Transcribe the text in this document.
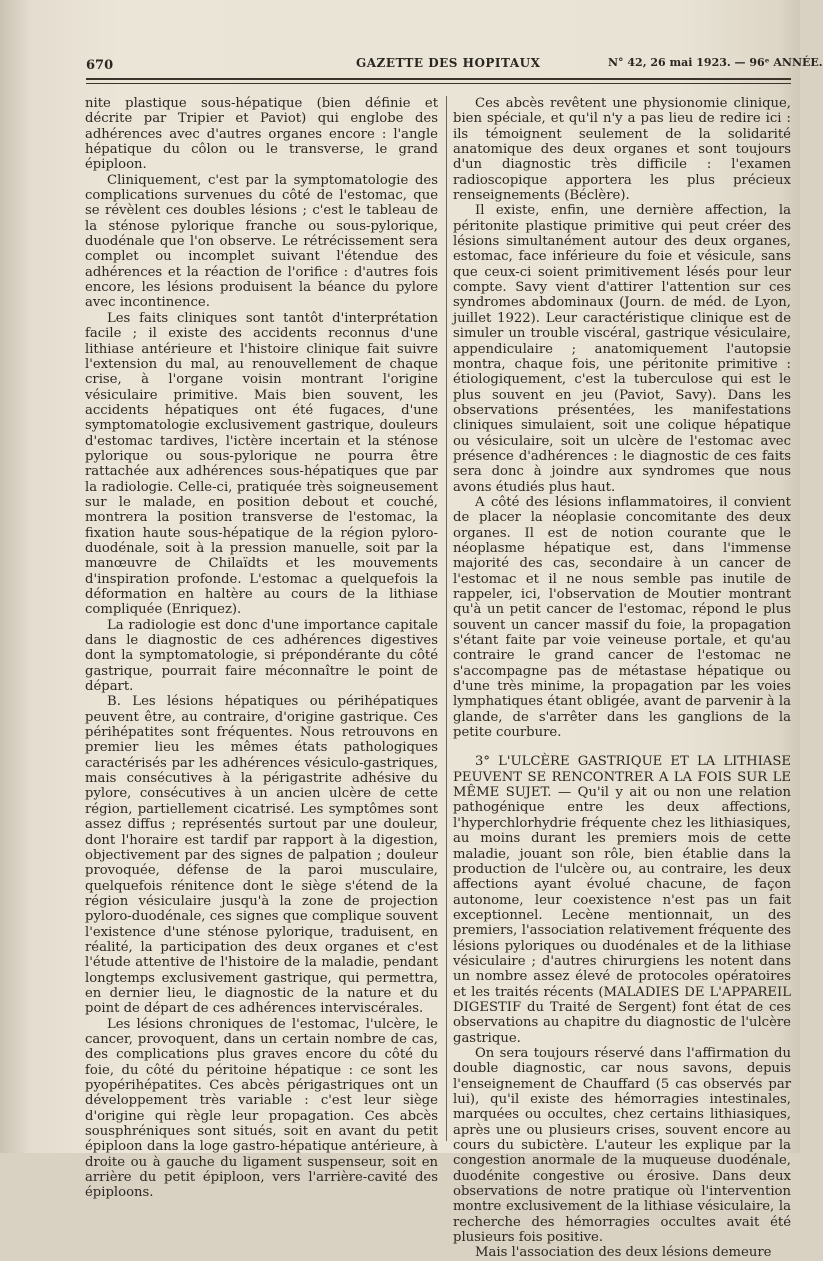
670	GAZETTE DES HOPITAUX	N° 42, 26 mai 1923. — 96ᵉ ANNÉE.

nite plastique sous-hépatique (bien définie et décrite par Tripier et Paviot) qui englobe des adhérences avec d'autres organes encore : l'angle hépatique du côlon ou le transverse, le grand épiploon.

Cliniquement, c'est par la symptomatologie des complications survenues du côté de l'estomac, que se révèlent ces doubles lésions ; c'est le tableau de la sténose pylorique franche ou sous-pylorique, duodénale que l'on observe. Le rétrécissement sera complet ou incomplet suivant l'étendue des adhérences et la réaction de l'orifice : d'autres fois encore, les lésions produisent la béance du pylore avec incontinence.

Les faits cliniques sont tantôt d'interprétation facile ; il existe des accidents reconnus d'une lithiase antérieure et l'histoire clinique fait suivre l'extension du mal, au renouvellement de chaque crise, à l'organe voisin montrant l'origine vésiculaire primitive. Mais bien souvent, les accidents hépatiques ont été fugaces, d'une symptomatologie exclusivement gastrique, douleurs d'estomac tardives, l'ictère incertain et la sténose pylorique ou sous-pylorique ne pourra être rattachée aux adhérences sous-hépatiques que par la radiologie. Celle-ci, pratiquée très soigneusement sur le malade, en position debout et couché, montrera la position transverse de l'estomac, la fixation haute sous-hépatique de la région pyloro-duodénale, soit à la pression manuelle, soit par la manœuvre de Chilaïdts et les mouvements d'inspiration profonde. L'estomac a quelquefois la déformation en haltère au cours de la lithiase compliquée (Enriquez).

La radiologie est donc d'une importance capitale dans le diagnostic de ces adhérences digestives dont la symptomatologie, si prépondérante du côté gastrique, pourrait faire méconnaître le point de départ.

B. Les lésions hépatiques ou périhépatiques peuvent être, au contraire, d'origine gastrique. Ces périhépatites sont fréquentes. Nous retrouvons en premier lieu les mêmes états pathologiques caractérisés par les adhérences vésiculo-gastriques, mais consécutives à la périgastrite adhésive du pylore, consécutives à un ancien ulcère de cette région, partiellement cicatrisé. Les symptômes sont assez diffus ; représentés surtout par une douleur, dont l'horaire est tardif par rapport à la digestion, objectivement par des signes de palpation ; douleur provoquée, défense de la paroi musculaire, quelquefois rénitence dont le siège s'étend de la région vésiculaire jusqu'à la zone de projection pyloro-duodénale, ces signes que complique souvent l'existence d'une sténose pylorique, traduisent, en réalité, la participation des deux organes et c'est l'étude attentive de l'histoire de la maladie, pendant longtemps exclusivement gastrique, qui permettra, en dernier lieu, le diagnostic de la nature et du point de départ de ces adhérences interviscérales.

Les lésions chroniques de l'estomac, l'ulcère, le cancer, provoquent, dans un certain nombre de cas, des complications plus graves encore du côté du foie, du côté du péritoine hépatique : ce sont les pyopérihépatites. Ces abcès périgastriques ont un développement très variable : c'est leur siège d'origine qui règle leur propagation. Ces abcès sousphréniques sont situés, soit en avant du petit épiploon dans la loge gastro-hépatique antérieure, à droite ou à gauche du ligament suspenseur, soit en arrière du petit épiploon, vers l'arrière-cavité des épiploons.

Ces abcès revêtent une physionomie clinique, bien spéciale, et qu'il n'y a pas lieu de redire ici : ils témoignent seulement de la solidarité anatomique des deux organes et sont toujours d'un diagnostic très difficile : l'examen radioscopique apportera les plus précieux renseignements (Béclère).

Il existe, enfin, une dernière affection, la péritonite plastique primitive qui peut créer des lésions simultanément autour des deux organes, estomac, face inférieure du foie et vésicule, sans que ceux-ci soient primitivement lésés pour leur compte. Savy vient d'attirer l'attention sur ces syndromes abdominaux (Journ. de méd. de Lyon, juillet 1922). Leur caractéristique clinique est de simuler un trouble viscéral, gastrique vésiculaire, appendiculaire ; anatomiquement l'autopsie montra, chaque fois, une péritonite primitive : étiologiquement, c'est la tuberculose qui est le plus souvent en jeu (Paviot, Savy). Dans les observations présentées, les manifestations cliniques simulaient, soit une colique hépatique ou vésiculaire, soit un ulcère de l'estomac avec présence d'adhérences : le diagnostic de ces faits sera donc à joindre aux syndromes que nous avons étudiés plus haut.

A côté des lésions inflammatoires, il convient de placer la néoplasie concomitante des deux organes. Il est de notion courante que le néoplasme hépatique est, dans l'immense majorité des cas, secondaire à un cancer de l'estomac et il ne nous semble pas inutile de rappeler, ici, l'observation de Moutier montrant qu'à un petit cancer de l'estomac, répond le plus souvent un cancer massif du foie, la propagation s'étant faite par voie veineuse portale, et qu'au contraire le grand cancer de l'estomac ne s'accompagne pas de métastase hépatique ou d'une très minime, la propagation par les voies lymphatiques étant obligée, avant de parvenir à la glande, de s'arrêter dans les ganglions de la petite courbure.

3° L'ULCÈRE GASTRIQUE ET LA LITHIASE PEUVENT SE RENCONTRER A LA FOIS SUR LE MÊME SUJET. — Qu'il y ait ou non une relation pathogénique entre les deux affections, l'hyperchlorhydrie fréquente chez les lithiasiques, au moins durant les premiers mois de cette maladie, jouant son rôle, bien établie dans la production de l'ulcère ou, au contraire, les deux affections ayant évolué chacune, de façon autonome, leur coexistence n'est pas un fait exceptionnel. Lecène mentionnait, un des premiers, l'association relativement fréquente des lésions pyloriques ou duodénales et de la lithiase vésiculaire ; d'autres chirurgiens les notent dans un nombre assez élevé de protocoles opératoires et les traités récents (MALADIES DE L'APPAREIL DIGESTIF du Traité de Sergent) font état de ces observations au chapitre du diagnostic de l'ulcère gastrique.

On sera toujours réservé dans l'affirmation du double diagnostic, car nous savons, depuis l'enseignement de Chauffard (5 cas observés par lui), qu'il existe des hémorragies intestinales, marquées ou occultes, chez certains lithiasiques, après une ou plusieurs crises, souvent encore au cours du subictère. L'auteur les explique par la congestion anormale de la muqueuse duodénale, duodénite congestive ou érosive. Dans deux observations de notre pratique où l'intervention montre exclusivement de la lithiase vésiculaire, la recherche des hémorragies occultes avait été plusieurs fois positive.

Mais l'association des deux lésions demeure
